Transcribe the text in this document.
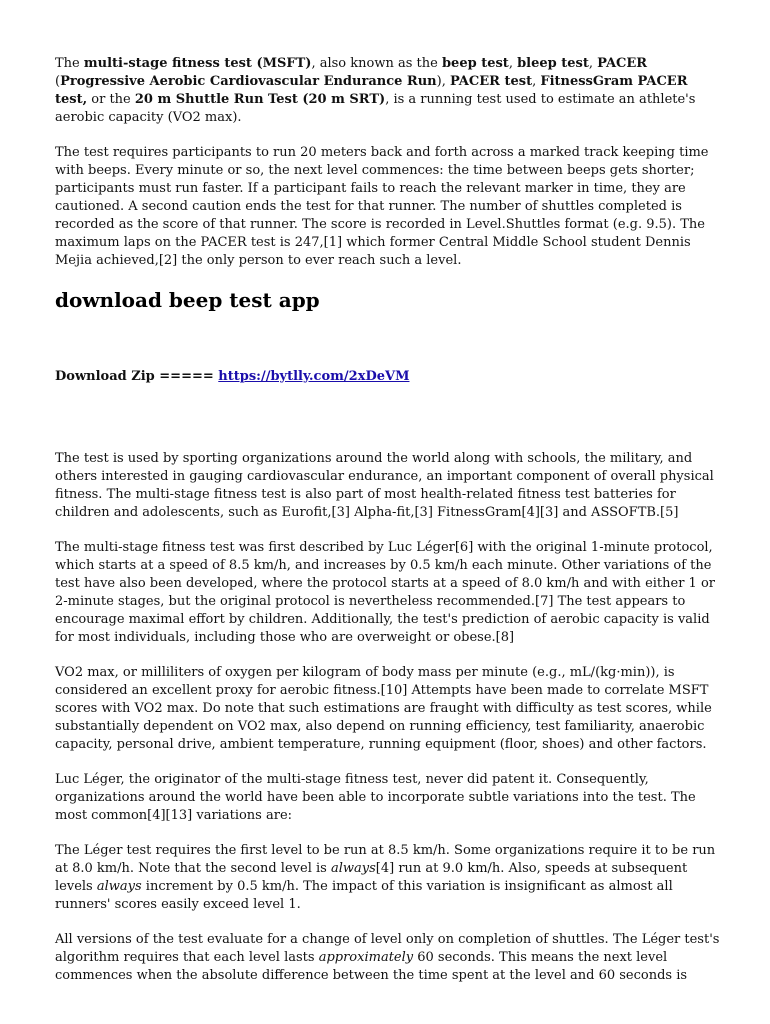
The multi-stage fitness test (MSFT), also known as the beep test, bleep test, PACER (Progressive Aerobic Cardiovascular Endurance Run), PACER test, FitnessGram PACER test, or the 20 m Shuttle Run Test (20 m SRT), is a running test used to estimate an athlete's aerobic capacity (VO2 max).

The test requires participants to run 20 meters back and forth across a marked track keeping time with beeps. Every minute or so, the next level commences: the time between beeps gets shorter; participants must run faster. If a participant fails to reach the relevant marker in time, they are cautioned. A second caution ends the test for that runner. The number of shuttles completed is recorded as the score of that runner. The score is recorded in Level.Shuttles format (e.g. 9.5). The maximum laps on the PACER test is 247,[1] which former Central Middle School student Dennis Mejia achieved,[2] the only person to ever reach such a level.

download beep test app

Download Zip ===== https://bytlly.com/2xDeVM

The test is used by sporting organizations around the world along with schools, the military, and others interested in gauging cardiovascular endurance, an important component of overall physical fitness. The multi-stage fitness test is also part of most health-related fitness test batteries for children and adolescents, such as Eurofit,[3] Alpha-fit,[3] FitnessGram[4][3] and ASSOFTB.[5]

The multi-stage fitness test was first described by Luc Léger[6] with the original 1-minute protocol, which starts at a speed of 8.5 km/h, and increases by 0.5 km/h each minute. Other variations of the test have also been developed, where the protocol starts at a speed of 8.0 km/h and with either 1 or 2-minute stages, but the original protocol is nevertheless recommended.[7] The test appears to encourage maximal effort by children. Additionally, the test's prediction of aerobic capacity is valid for most individuals, including those who are overweight or obese.[8]

VO2 max, or milliliters of oxygen per kilogram of body mass per minute (e.g., mL/(kg·min)), is considered an excellent proxy for aerobic fitness.[10] Attempts have been made to correlate MSFT scores with VO2 max. Do note that such estimations are fraught with difficulty as test scores, while substantially dependent on VO2 max, also depend on running efficiency, test familiarity, anaerobic capacity, personal drive, ambient temperature, running equipment (floor, shoes) and other factors.

Luc Léger, the originator of the multi-stage fitness test, never did patent it. Consequently, organizations around the world have been able to incorporate subtle variations into the test. The most common[4][13] variations are:

The Léger test requires the first level to be run at 8.5 km/h. Some organizations require it to be run at 8.0 km/h. Note that the second level is always[4] run at 9.0 km/h. Also, speeds at subsequent levels always increment by 0.5 km/h. The impact of this variation is insignificant as almost all runners' scores easily exceed level 1.

All versions of the test evaluate for a change of level only on completion of shuttles. The Léger test's algorithm requires that each level lasts approximately 60 seconds. This means the next level commences when the absolute difference between the time spent at the level and 60 seconds is
